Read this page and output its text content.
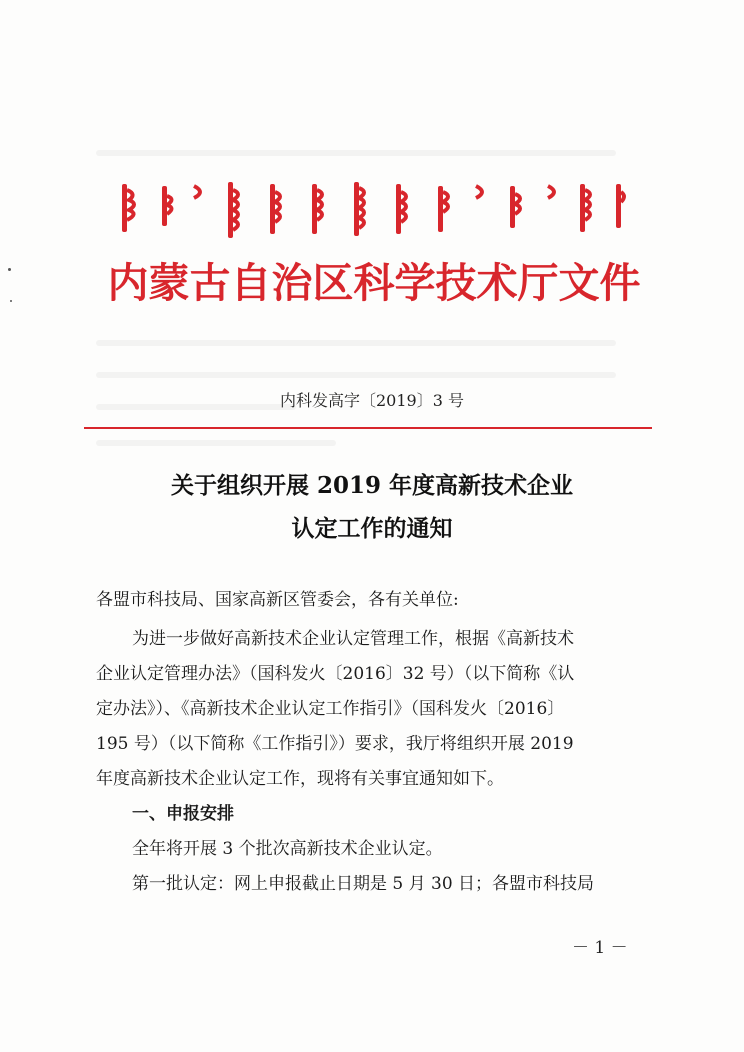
内蒙古自治区科学技术厅文件
内科发高字〔2019〕3 号
关于组织开展 2019 年度高新技术企业
认定工作的通知
各盟市科技局、国家高新区管委会，各有关单位:
为进一步做好高新技术企业认定管理工作，根据《高新技术
企业认定管理办法》（国科发火〔2016〕32 号）（以下简称《认
定办法》）、《高新技术企业认定工作指引》（国科发火〔2016〕
195 号）（以下简称《工作指引》）要求，我厅将组织开展 2019
年度高新技术企业认定工作，现将有关事宜通知如下。
一、申报安排
全年将开展 3 个批次高新技术企业认定。
第一批认定：网上申报截止日期是 5 月 30 日；各盟市科技局
－ 1 －
